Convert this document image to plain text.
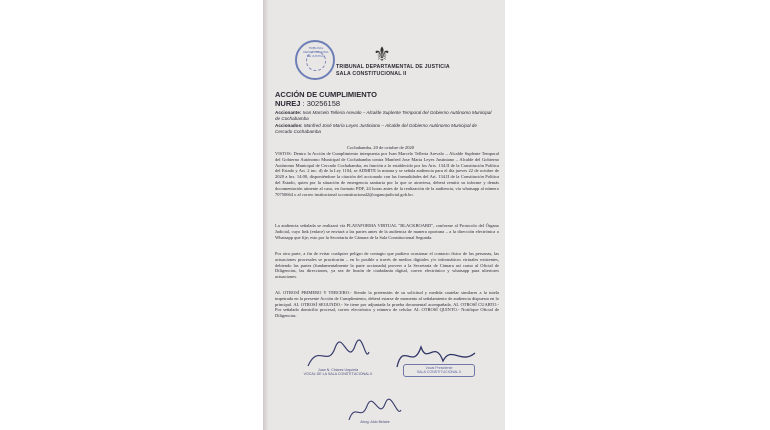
TRIBUNAL DEPARTAMENTAL DE JUSTICIA ⚜
TRIBUNAL DEPARTAMENTAL DE JUSTICIA
SALA CONSTITUCIONAL II
ACCIÓN DE CUMPLIMIENTO
NUREJ : 30256158
Accionante: Ivan Marcelo Telleria Arevalo – Alcalde Suplente Temporal del Gobierno Autónomo Municipal de Cochabamba
Accionados: Manfred José María Leyes Justiniano – Alcalde del Gobierno Autónomo Municipal de Cercado Cochabamba
Cochabamba, 20 de octubre de 2020
VISTOS: Dentro la Acción de Cumplimiento interpuesta por Ivan Marcelo Telleria Arevalo – Alcalde Suplente Temporal del Gobierno Autónomo Municipal de Cochabamba contra Manfred Jose Maria Leyes Justiniano – Alcalde del Gobierno Autónomo Municipal de Cercado Cochabamba, en función a lo establecido por los Arts. 134.II de la Constitución Política del Estado y Art. 2 inc. d) de la Ley 1104, se ADMITE la misma y se señala audiencia para el día jueves 22 de octubre de 2020 a hrs. 14:00, disponiéndose la citación del accionado con las formalidades del Art. 134.II de la Constitución Política del Estado, quien por la situación de emergencia sanitaria por la que se atraviesa, deberá remitir su informe y demás documentación atinente al caso, en formato PDF, 24 horas antes de la realización de la audiencia, vía whatsapp al número 70750664 o al correo institucional scconstitucional2@organojudicial.gob.bo.
La audiencia señalada se realizará vía PLATAFORMA VIRTUAL "BLACKBOARD", conforme al Protocolo del Órgano Judicial, cuyo link (enlace) se enviará a las partes antes de la audiencia de manera oportuna – a la dirección electrónica o Whatsapp que fije; esto por la Secretaría de Cámara de la Sala Constitucional Segunda.
Por otra parte, a fin de evitar cualquier peligro de contagio que pudiera ocasionar el contacto físico de las personas, las actuaciones procesales se practicarán – en lo posible a través de medios digitales y/o informáticos virtuales existentes, debiendo las partes (fundamentalmente la parte accionada) proveer a la Secretaría de Cámara así como al Oficial de Diligencias, las direcciones, ya sea de buzón de ciudadanía digital, correo electrónico y whatsapp para ulteriores actuaciones.
AL OTROSÍ PRIMERO Y TERCERO.- Siendo la pretensión de su solicitud y medida cautelar similares a la tutela impetrada en la presente Acción de Cumplimiento, deberá estarse de momento al señalamiento de audiencia dispuesta en lo principal. AL OTROSÍ SEGUNDO.- Se tiene por adjuntada la prueba documental acompañada. AL OTROSÍ CUARTO.- Por señalado domicilio procesal, correo electrónico y número de celular. AL OTROSÍ QUINTO.- Notifique Oficial de Diligencias.
Juan N. Chávez Urquieta
VOCAL DE LA SALA CONSTITUCIONAL II
Vocal Presidente
SALA CONSTITUCIONAL II
Abog. Aldo Belaire
